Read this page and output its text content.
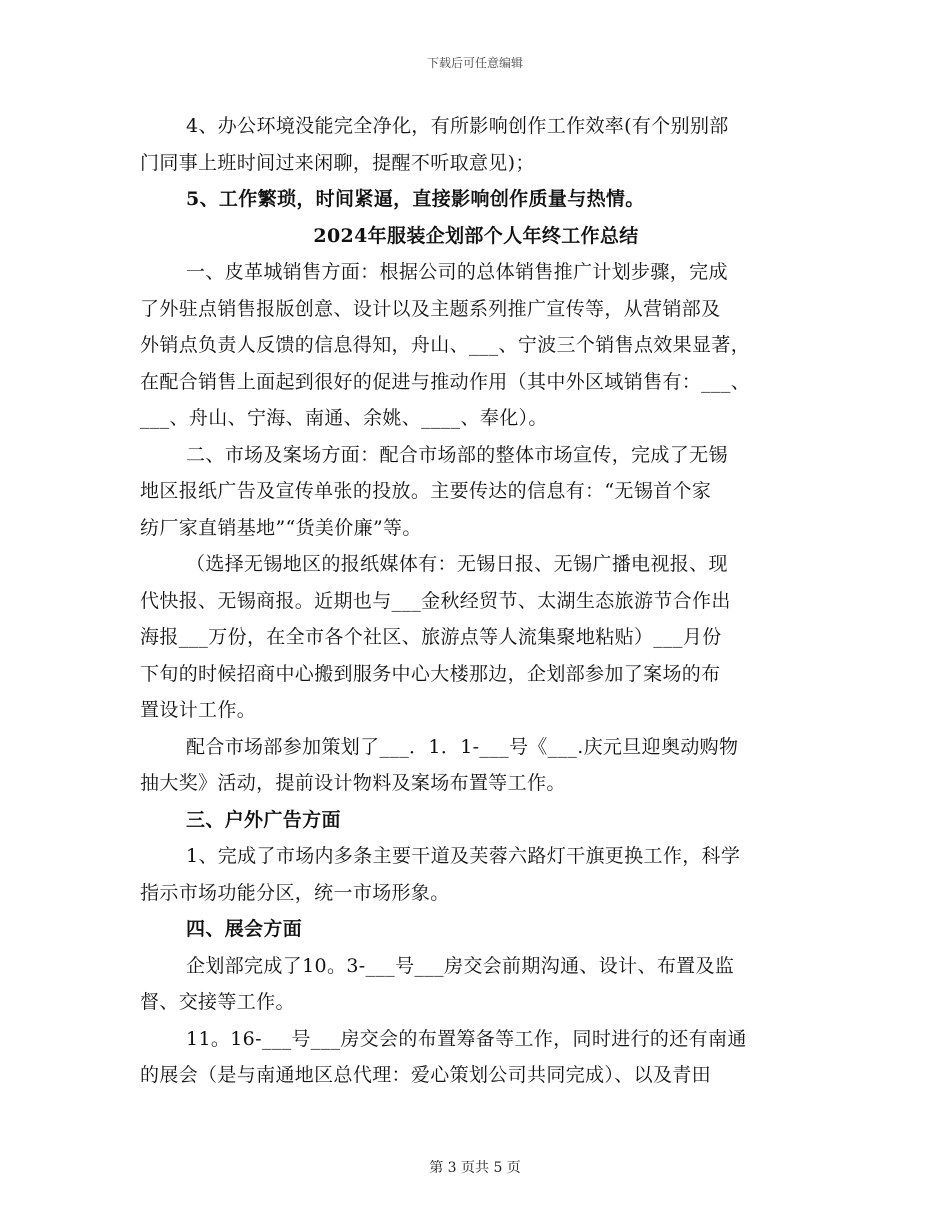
下载后可任意编辑
4、办公环境没能完全净化，有所影响创作工作效率(有个别别部
门同事上班时间过来闲聊，提醒不听取意见)；
5、工作繁琐，时间紧逼，直接影响创作质量与热情。
2024年服装企划部个人年终工作总结
一、皮革城销售方面：根据公司的总体销售推广计划步骤，完成
了外驻点销售报版创意、设计以及主题系列推广宣传等，从营销部及
外销点负责人反馈的信息得知，舟山、___、宁波三个销售点效果显著，
在配合销售上面起到很好的促进与推动作用（其中外区域销售有：___、
___、舟山、宁海、南通、余姚、____、奉化）。
二、市场及案场方面：配合市场部的整体市场宣传，完成了无锡
地区报纸广告及宣传单张的投放。主要传达的信息有：“无锡首个家
纺厂家直销基地”“货美价廉”等。
（选择无锡地区的报纸媒体有：无锡日报、无锡广播电视报、现
代快报、无锡商报。近期也与___金秋经贸节、太湖生态旅游节合作出
海报___万份，在全市各个社区、旅游点等人流集聚地粘贴）___月份
下旬的时候招商中心搬到服务中心大楼那边，企划部参加了案场的布
置设计工作。
配合市场部参加策划了___．1．1-___号《___.庆元旦迎奥动购物
抽大奖》活动，提前设计物料及案场布置等工作。
三、户外广告方面
1、完成了市场内多条主要干道及芙蓉六路灯干旗更换工作，科学
指示市场功能分区，统一市场形象。
四、展会方面
企划部完成了10。3-___号___房交会前期沟通、设计、布置及监
督、交接等工作。
11。16-___号___房交会的布置筹备等工作，同时进行的还有南通
的展会（是与南通地区总代理：爱心策划公司共同完成）、以及青田
第 3 页共 5 页
